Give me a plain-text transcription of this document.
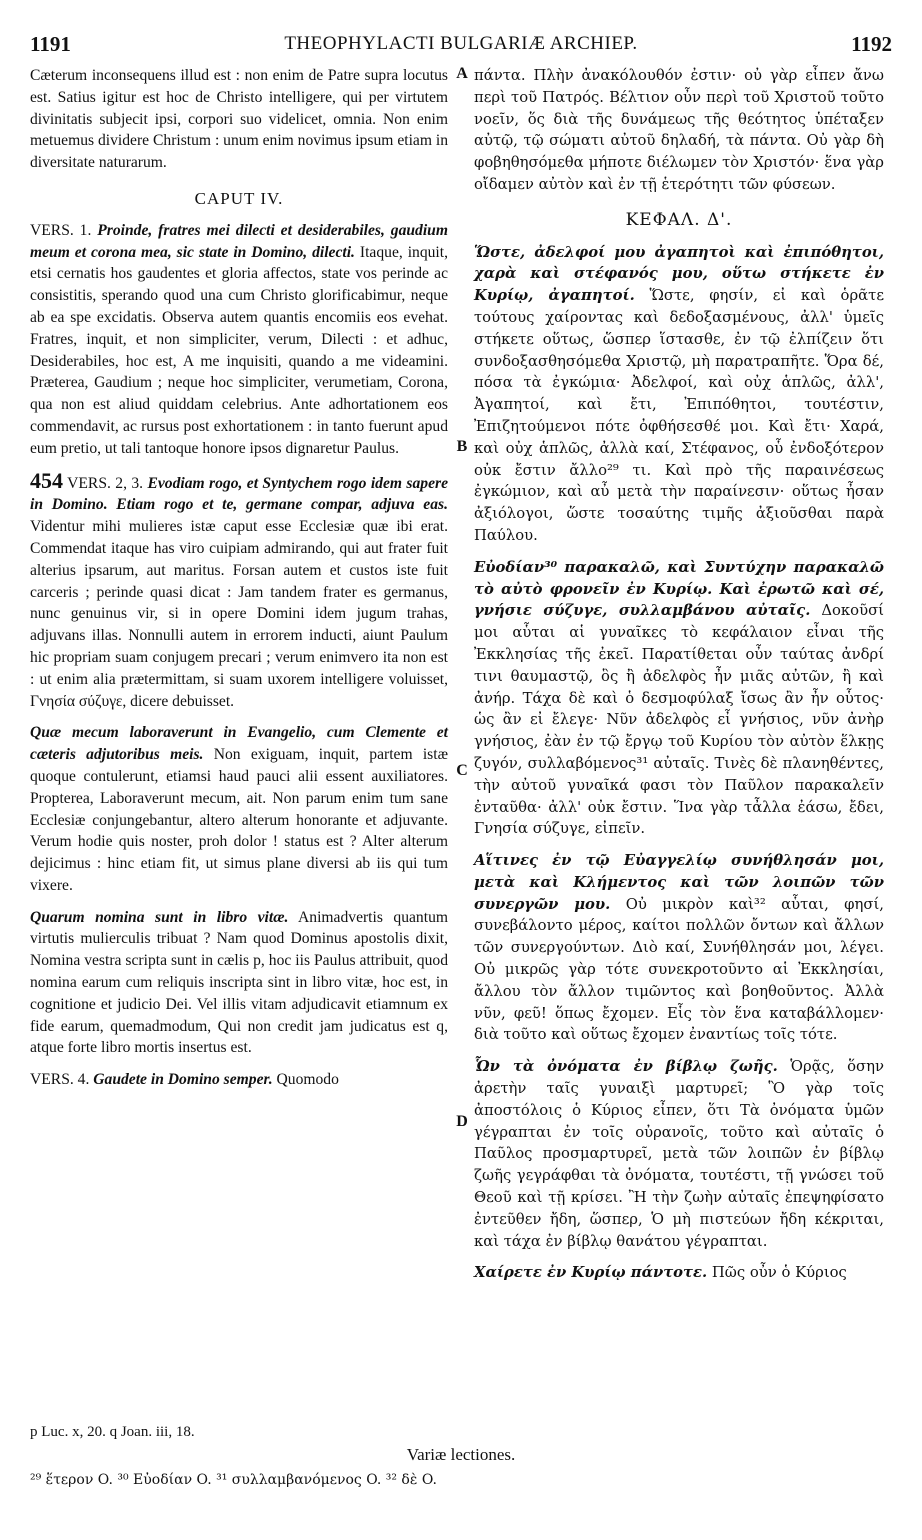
1191	THEOPHYLACTI BULGARIÆ ARCHIEP.	1192
A
B
C
D

Cæterum inconsequens illud est : non enim de Patre supra locutus est. Satius igitur est hoc de Christo intelligere, qui per virtutem divinitatis subjecit ipsi, corpori suo videlicet, omnia. Non enim metuemus dividere Christum : unum enim novimus ipsum etiam in diversitate naturarum.

CAPUT IV.

VERS. 1. Proinde, fratres mei dilecti et desiderabiles, gaudium meum et corona mea, sic state in Domino, dilecti. Itaque, inquit, etsi cernatis hos gaudentes et gloria affectos, state vos perinde ac consistitis, sperando quod una cum Christo glorificabimur, neque ab ea spe excidatis. Observa autem quantis encomiis eos evehat. Fratres, inquit, et non simpliciter, verum, Dilecti : et adhuc, Desiderabiles, hoc est, A me inquisiti, quando a me videamini. Præterea, Gaudium ; neque hoc simpliciter, verumetiam, Corona, qua non est aliud quiddam celebrius. Ante adhortationem eos commendavit, ac rursus post exhortationem : in tanto fuerunt apud eum pretio, ut tali tantoque honore ipsos dignaretur Paulus.

454 VERS. 2, 3. Evodiam rogo, et Syntychem rogo idem sapere in Domino. Etiam rogo et te, germane compar, adjuva eas. Videntur mihi mulieres istæ caput esse Ecclesiæ quæ ibi erat. Commendat itaque has viro cuipiam admirando, qui aut frater fuit alterius ipsarum, aut maritus. Forsan autem et custos iste fuit carceris ; perinde quasi dicat : Jam tandem frater es germanus, nunc genuinus vir, si in opere Domini idem jugum trahas, adjuvans illas. Nonnulli autem in errorem inducti, aiunt Paulum hic propriam suam conjugem precari ; verum enimvero ita non est : ut enim alia prætermittam, si suam uxorem intelligere voluisset, Γνησία σύζυγε, dicere debuisset.

Quæ mecum laboraverunt in Evangelio, cum Clemente et cæteris adjutoribus meis. Non exiguam, inquit, partem istæ quoque contulerunt, etiamsi haud pauci alii essent auxiliatores. Propterea, Laboraverunt mecum, ait. Non parum enim tum sane Ecclesiæ conjungebantur, altero alterum honorante et adjuvante. Verum hodie quis noster, proh dolor ! status est ? Alter alterum dejicimus : hinc etiam fit, ut simus plane diversi ab iis qui tum vixere.

Quarum nomina sunt in libro vitæ. Animadvertis quantum virtutis mulierculis tribuat ? Nam quod Dominus apostolis dixit, Nomina vestra scripta sunt in cælis p, hoc iis Paulus attribuit, quod nomina earum cum reliquis inscripta sint in libro vitæ, hoc est, in cognitione et judicio Dei. Vel illis vitam adjudicavit etiamnum ex fide earum, quemadmodum, Qui non credit jam judicatus est q, atque forte libro mortis insertus est.

VERS. 4. Gaudete in Domino semper. Quomodo

πάντα. Πλὴν ἀνακόλουθόν ἐστιν· οὐ γὰρ εἶπεν ἄνω περὶ τοῦ Πατρός. Βέλτιον οὖν περὶ τοῦ Χριστοῦ τοῦτο νοεῖν, ὅς διὰ τῆς δυνάμεως τῆς θεότητος ὑπέταξεν αὐτῷ, τῷ σώματι αὐτοῦ δηλαδή, τὰ πάντα. Οὐ γὰρ δὴ φοβηθησόμεθα μήποτε διέλωμεν τὸν Χριστόν· ἕνα γὰρ οἴδαμεν αὐτὸν καὶ ἐν τῇ ἑτερότητι τῶν φύσεων.

ΚΕΦΑΛ. Δ'.

Ὥστε, ἀδελφοί μου ἀγαπητοὶ καὶ ἐπιπόθητοι, χαρὰ καὶ στέφανός μου, οὕτω στήκετε ἐν Κυρίῳ, ἀγαπητοί. Ὥστε, φησίν, εἰ καὶ ὁρᾶτε τούτους χαίροντας καὶ δεδοξασμένους, ἀλλ' ὑμεῖς στήκετε οὕτως, ὥσπερ ἵστασθε, ἐν τῷ ἐλπίζειν ὅτι συνδοξασθησόμεθα Χριστῷ, μὴ παρατραπῆτε. Ὅρα δέ, πόσα τὰ ἐγκώμια· Ἀδελφοί, καὶ οὐχ ἁπλῶς, ἀλλ', Ἀγαπητοί, καὶ ἔτι, Ἐπιπόθητοι, τουτέστιν, Ἐπιζητούμενοι πότε ὀφθήσεσθέ μοι. Καὶ ἔτι· Χαρά, καὶ οὐχ ἁπλῶς, ἀλλὰ καί, Στέφανος, οὗ ἐνδοξότερον οὐκ ἔστιν ἄλλο²⁹ τι. Καὶ πρὸ τῆς παραινέσεως ἐγκώμιον, καὶ αὖ μετὰ τὴν παραίνεσιν· οὕτως ἦσαν ἀξιόλογοι, ὥστε τοσαύτης τιμῆς ἀξιοῦσθαι παρὰ Παύλου.

Εὐοδίαν³⁰ παρακαλῶ, καὶ Συντύχην παρακαλῶ τὸ αὐτὸ φρονεῖν ἐν Κυρίῳ. Καὶ ἐρωτῶ καὶ σέ, γνήσιε σύζυγε, συλλαμβάνου αὐταῖς. Δοκοῦσί μοι αὗται αἱ γυναῖκες τὸ κεφάλαιον εἶναι τῆς Ἐκκλησίας τῆς ἐκεῖ. Παρατίθεται οὖν ταύτας ἀνδρί τινι θαυμαστῷ, ὃς ἢ ἀδελφὸς ἦν μιᾶς αὐτῶν, ἢ καὶ ἀνήρ. Τάχα δὲ καὶ ὁ δεσμοφύλαξ ἴσως ἂν ἦν οὗτος· ὡς ἂν εἰ ἔλεγε· Νῦν ἀδελφὸς εἶ γνήσιος, νῦν ἀνὴρ γνήσιος, ἐὰν ἐν τῷ ἔργῳ τοῦ Κυρίου τὸν αὐτὸν ἕλκῃς ζυγόν, συλλαβόμενος³¹ αὐταῖς. Τινὲς δὲ πλανηθέντες, τὴν αὐτοῦ γυναῖκά φασι τὸν Παῦλον παρακαλεῖν ἐνταῦθα· ἀλλ' οὐκ ἔστιν. Ἵνα γὰρ τἆλλα ἐάσω, ἔδει, Γνησία σύζυγε, εἰπεῖν.

Αἵτινες ἐν τῷ Εὐαγγελίῳ συνήθλησάν μοι, μετὰ καὶ Κλήμεντος καὶ τῶν λοιπῶν τῶν συνεργῶν μου. Οὐ μικρὸν καὶ³² αὗται, φησί, συνεβάλοντο μέρος, καίτοι πολλῶν ὄντων καὶ ἄλλων τῶν συνεργούντων. Διὸ καί, Συνήθλησάν μοι, λέγει. Οὐ μικρῶς γὰρ τότε συνεκροτοῦντο αἱ Ἐκκλησίαι, ἄλλου τὸν ἄλλον τιμῶντος καὶ βοηθοῦντος. Ἀλλὰ νῦν, φεῦ! ὅπως ἔχομεν. Εἷς τὸν ἕνα καταβάλλομεν· διὰ τοῦτο καὶ οὕτως ἔχομεν ἐναντίως τοῖς τότε.

Ὧν τὰ ὀνόματα ἐν βίβλῳ ζωῆς. Ὁρᾷς, ὅσην ἀρετὴν ταῖς γυναιξὶ μαρτυρεῖ; Ὃ γὰρ τοῖς ἀποστόλοις ὁ Κύριος εἶπεν, ὅτι Τὰ ὀνόματα ὑμῶν γέγραπται ἐν τοῖς οὐρανοῖς, τοῦτο καὶ αὐταῖς ὁ Παῦλος προσμαρτυρεῖ, μετὰ τῶν λοιπῶν ἐν βίβλῳ ζωῆς γεγράφθαι τὰ ὀνόματα, τουτέστι, τῇ γνώσει τοῦ Θεοῦ καὶ τῇ κρίσει. Ἢ τὴν ζωὴν αὐταῖς ἐπεψηφίσατο ἐντεῦθεν ἤδη, ὥσπερ, Ὁ μὴ πιστεύων ἤδη κέκριται, καὶ τάχα ἐν βίβλῳ θανάτου γέγραπται.

Χαίρετε ἐν Κυρίῳ πάντοτε. Πῶς οὖν ὁ Κύριος

p Luc. x, 20. q Joan. iii, 18.
Variæ lectiones.
²⁹ ἕτερον O. ³⁰ Εὐοδίαν O. ³¹ συλλαμβανόμενος O. ³² δὲ O.
